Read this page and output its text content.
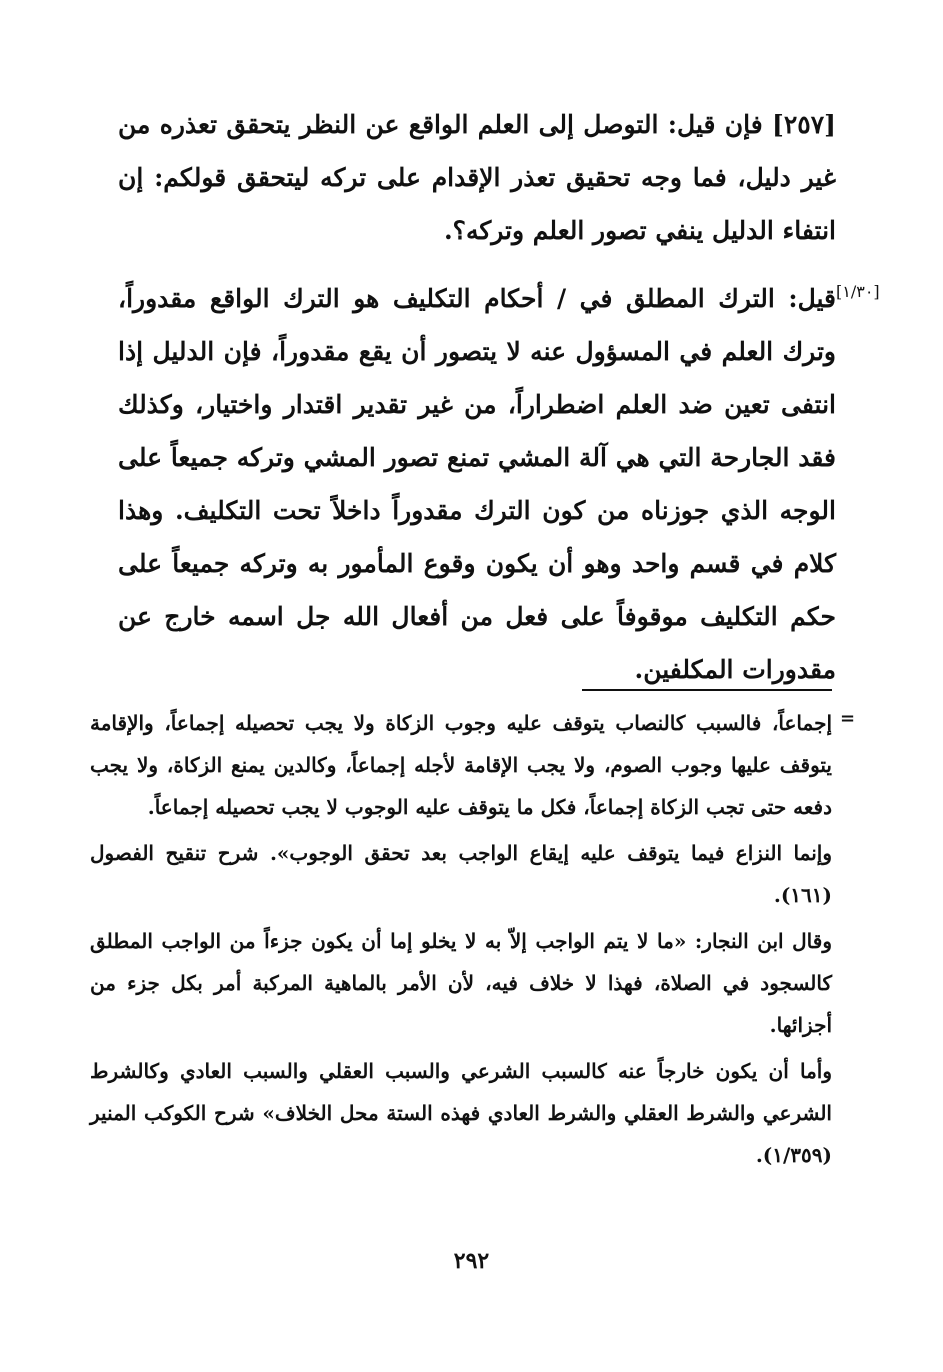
[٢٥٧] فإن قيل: التوصل إلى العلم الواقع عن النظر يتحقق تعذره من غير دليل، فما وجه تحقيق تعذر الإقدام على تركه ليتحقق قولكم: إن انتفاء الدليل ينفي تصور العلم وتركه؟.

[١/٣٠]

قيل: الترك المطلق في / أحكام التكليف هو الترك الواقع مقدوراً، وترك العلم في المسؤول عنه لا يتصور أن يقع مقدوراً، فإن الدليل إذا انتفى تعين ضد العلم اضطراراً، من غير تقدير اقتدار واختيار، وكذلك فقد الجارحة التي هي آلة المشي تمنع تصور المشي وتركه جميعاً على الوجه الذي جوزناه من كون الترك مقدوراً داخلاً تحت التكليف. وهذا كلام في قسم واحد وهو أن يكون وقوع المأمور به وتركه جميعاً على حكم التكليف موقوفاً على فعل من أفعال الله جل اسمه خارج عن مقدورات المكلفين.

=

إجماعاً، فالسبب كالنصاب يتوقف عليه وجوب الزكاة ولا يجب تحصيله إجماعاً، والإقامة يتوقف عليها وجوب الصوم، ولا يجب الإقامة لأجله إجماعاً، وكالدين يمنع الزكاة، ولا يجب دفعه حتى تجب الزكاة إجماعاً، فكل ما يتوقف عليه الوجوب لا يجب تحصيله إجماعاً.

وإنما النزاع فيما يتوقف عليه إيقاع الواجب بعد تحقق الوجوب». شرح تنقيح الفصول (١٦١).

وقال ابن النجار: «ما لا يتم الواجب إلاّ به لا يخلو إما أن يكون جزءاً من الواجب المطلق كالسجود في الصلاة، فهذا لا خلاف فيه، لأن الأمر بالماهية المركبة أمر بكل جزء من أجزائها.

وأما أن يكون خارجاً عنه كالسبب الشرعي والسبب العقلي والسبب العادي وكالشرط الشرعي والشرط العقلي والشرط العادي فهذه الستة محل الخلاف» شرح الكوكب المنير (١/٣٥٩).

٢٩٢
